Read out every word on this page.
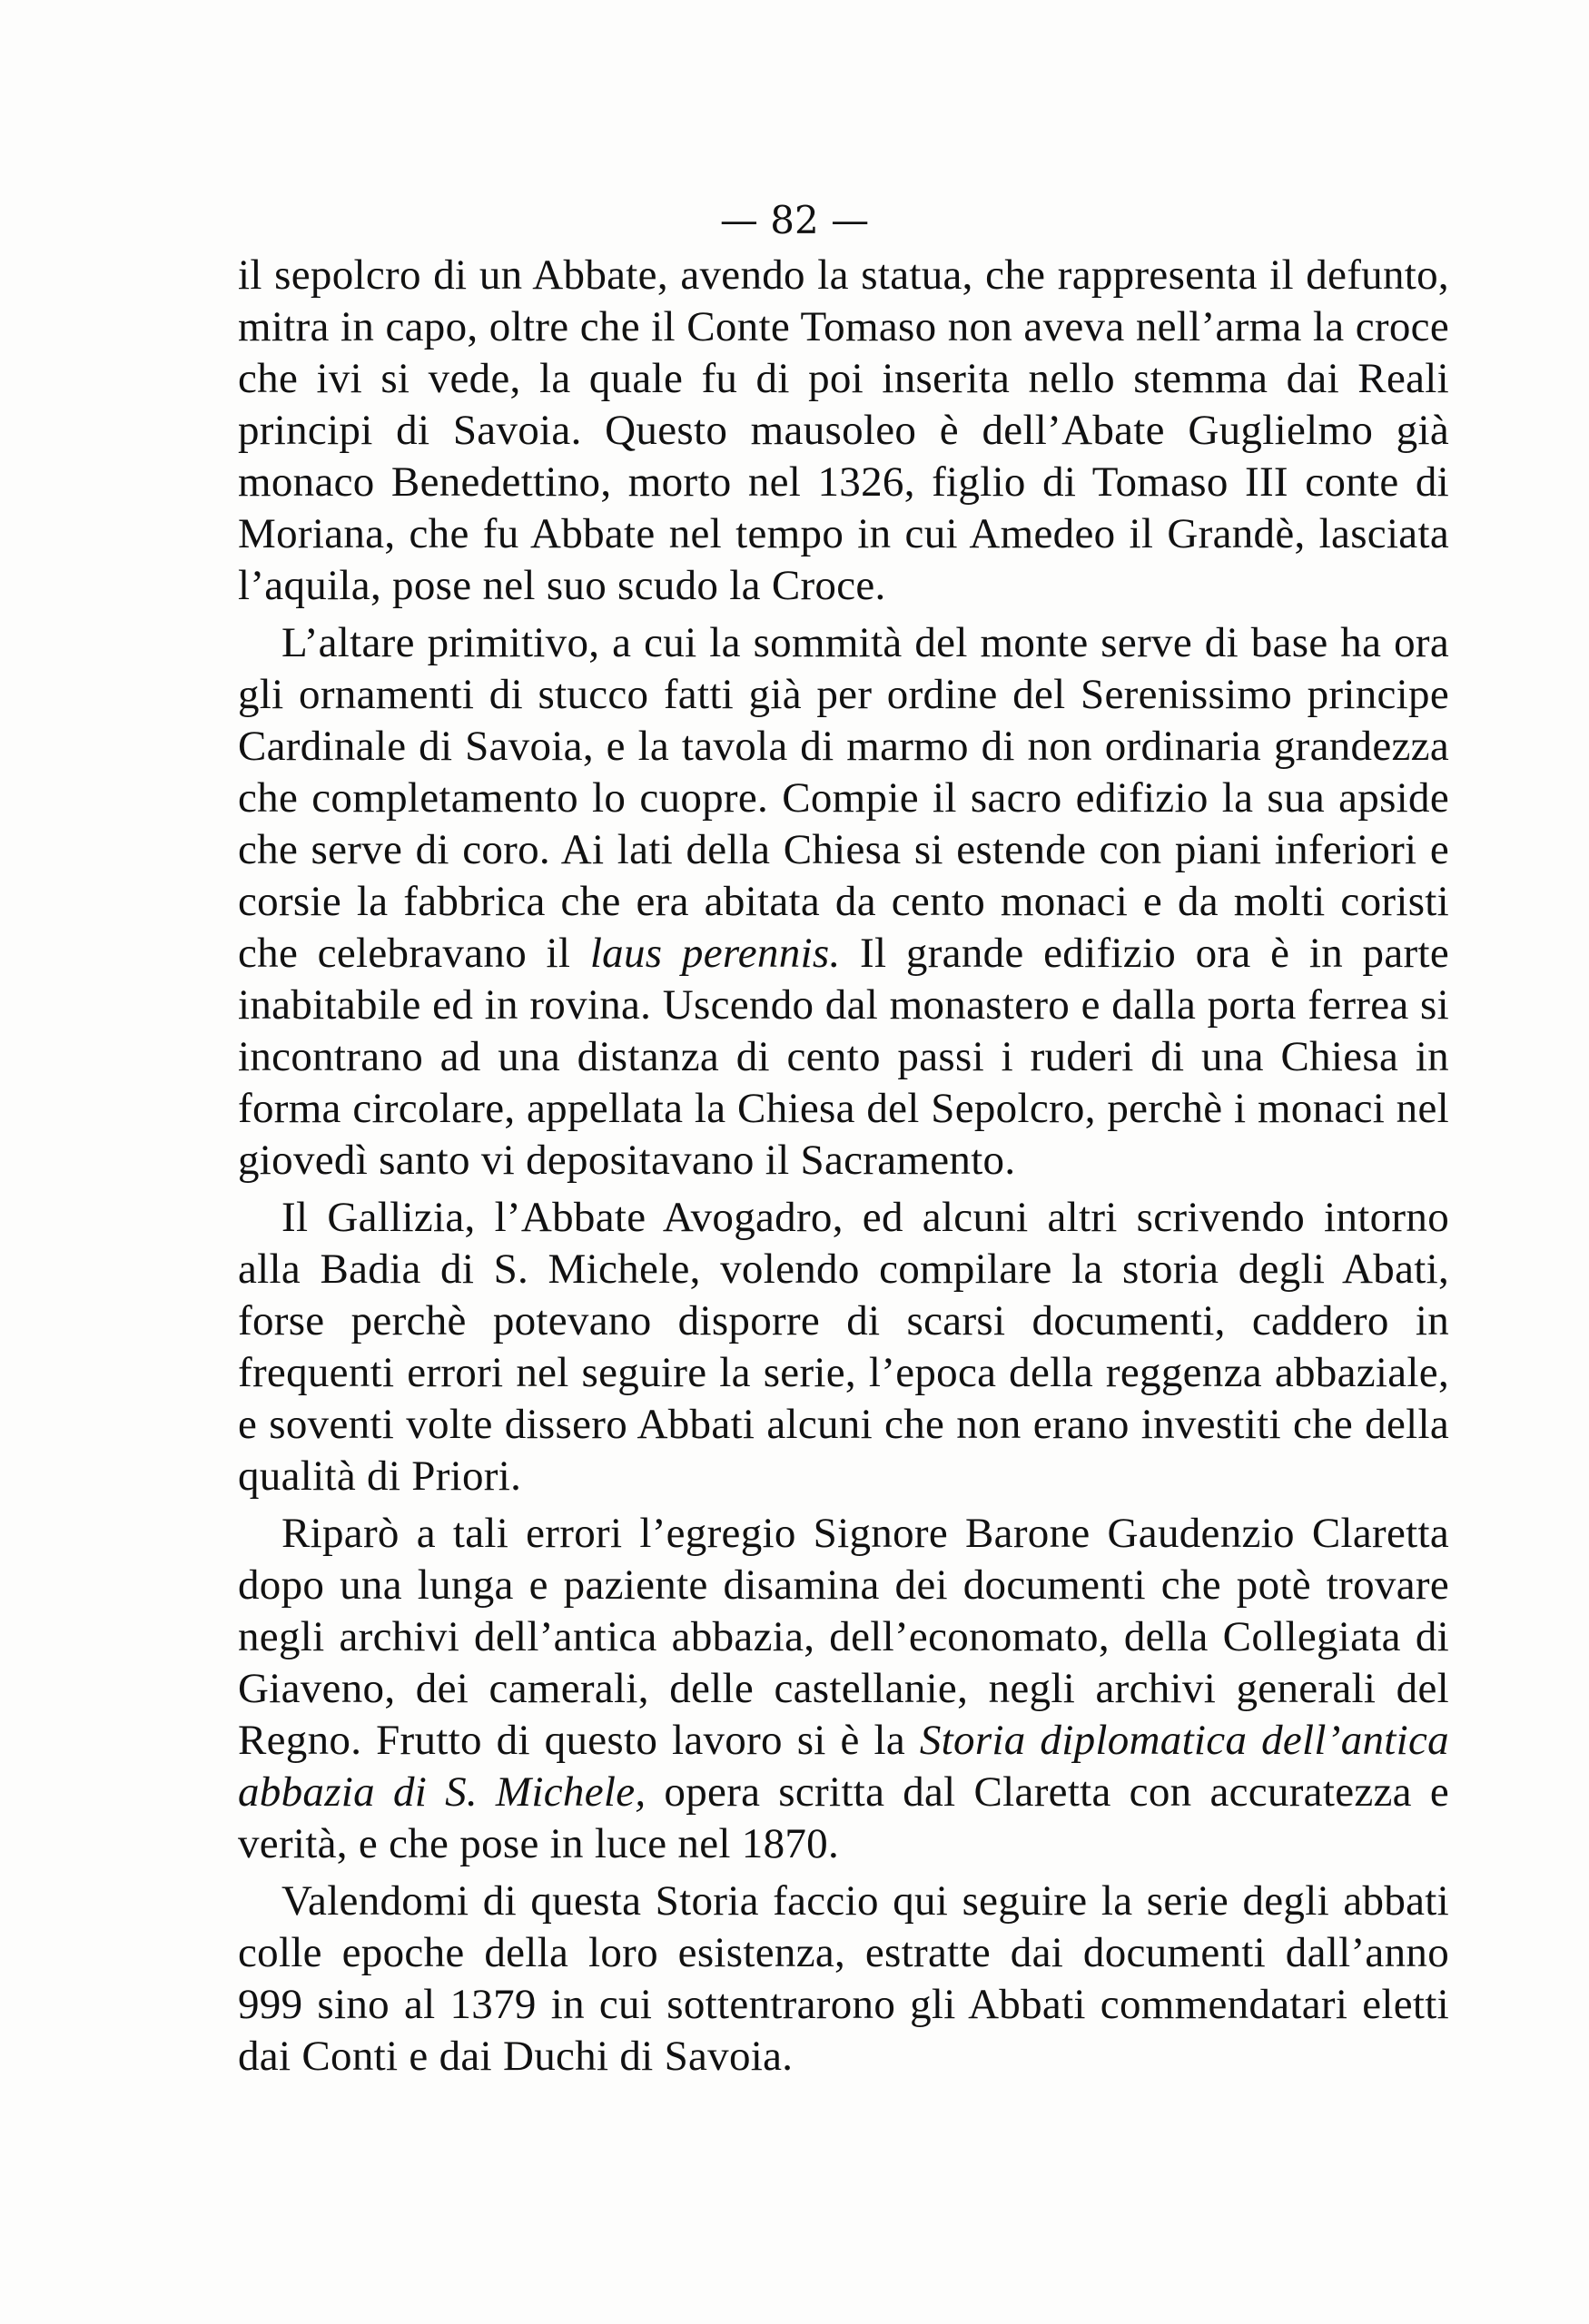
— 82 —

il sepolcro di un Abbate, avendo la statua, che rappresenta il defunto, mitra in capo, oltre che il Conte Tomaso non aveva nell’arma la croce che ivi si vede, la quale fu di poi inserita nello stemma dai Reali principi di Savoia. Questo mausoleo è dell’Abate Guglielmo già monaco Benedettino, morto nel 1326, figlio di Tomaso III conte di Moriana, che fu Abbate nel tempo in cui Amedeo il Grandè, lasciata l’aquila, pose nel suo scudo la Croce.

L’altare primitivo, a cui la sommità del monte serve di base ha ora gli ornamenti di stucco fatti già per ordine del Serenissimo principe Cardinale di Savoia, e la tavola di marmo di non ordinaria grandezza che completamento lo cuopre. Compie il sacro edifizio la sua apside che serve di coro. Ai lati della Chiesa si estende con piani inferiori e corsie la fabbrica che era abitata da cento monaci e da molti coristi che celebravano il laus perennis. Il grande edifizio ora è in parte inabitabile ed in rovina. Uscendo dal monastero e dalla porta ferrea si incontrano ad una distanza di cento passi i ruderi di una Chiesa in forma circolare, appellata la Chiesa del Sepolcro, perchè i monaci nel giovedì santo vi depositavano il Sacramento.

Il Gallizia, l’Abbate Avogadro, ed alcuni altri scrivendo intorno alla Badia di S. Michele, volendo compilare la storia degli Abati, forse perchè potevano disporre di scarsi documenti, caddero in frequenti errori nel seguire la serie, l’epoca della reggenza abbaziale, e soventi volte dissero Abbati alcuni che non erano investiti che della qualità di Priori.

Riparò a tali errori l’egregio Signore Barone Gaudenzio Claretta dopo una lunga e paziente disamina dei documenti che potè trovare negli archivi dell’antica abbazia, dell’economato, della Collegiata di Giaveno, dei camerali, delle castellanie, negli archivi generali del Regno. Frutto di questo lavoro si è la Storia diplomatica dell’antica abbazia di S. Michele, opera scritta dal Claretta con accuratezza e verità, e che pose in luce nel 1870.

Valendomi di questa Storia faccio qui seguire la serie degli abbati colle epoche della loro esistenza, estratte dai documenti dall’anno 999 sino al 1379 in cui sottentrarono gli Abbati commendatari eletti dai Conti e dai Duchi di Savoia.
